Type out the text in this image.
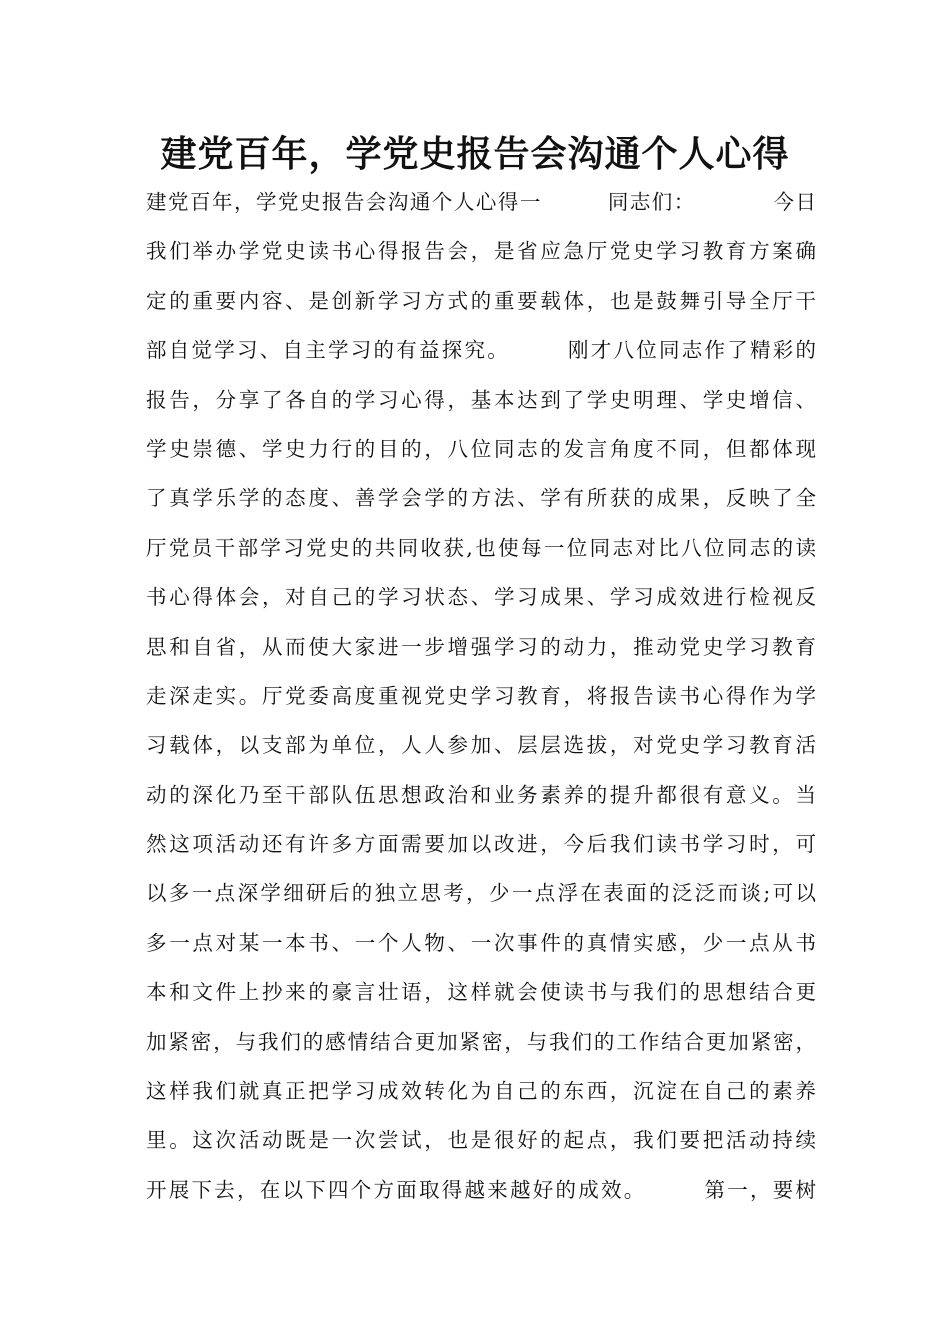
建党百年，学党史报告会沟通个人心得
建党百年，学党史报告会沟通个人心得一　　　同志们：　　　　今日
我们举办学党史读书心得报告会，是省应急厅党史学习教育方案确
定的重要内容、是创新学习方式的重要载体，也是鼓舞引导全厅干
部自觉学习、自主学习的有益探究。　　　刚才八位同志作了精彩的
报告，分享了各自的学习心得，基本达到了学史明理、学史增信、
学史崇德、学史力行的目的，八位同志的发言角度不同，但都体现
了真学乐学的态度、善学会学的方法、学有所获的成果，反映了全
厅党员干部学习党史的共同收获,也使每一位同志对比八位同志的读
书心得体会，对自己的学习状态、学习成果、学习成效进行检视反
思和自省，从而使大家进一步增强学习的动力，推动党史学习教育
走深走实。厅党委高度重视党史学习教育，将报告读书心得作为学
习载体，以支部为单位，人人参加、层层选拔，对党史学习教育活
动的深化乃至干部队伍思想政治和业务素养的提升都很有意义。当
然这项活动还有许多方面需要加以改进，今后我们读书学习时，可
以多一点深学细研后的独立思考，少一点浮在表面的泛泛而谈;可以
多一点对某一本书、一个人物、一次事件的真情实感，少一点从书
本和文件上抄来的豪言壮语，这样就会使读书与我们的思想结合更
加紧密，与我们的感情结合更加紧密，与我们的工作结合更加紧密，
这样我们就真正把学习成效转化为自己的东西，沉淀在自己的素养
里。这次活动既是一次尝试，也是很好的起点，我们要把活动持续
开展下去，在以下四个方面取得越来越好的成效。　　　第一，要树
